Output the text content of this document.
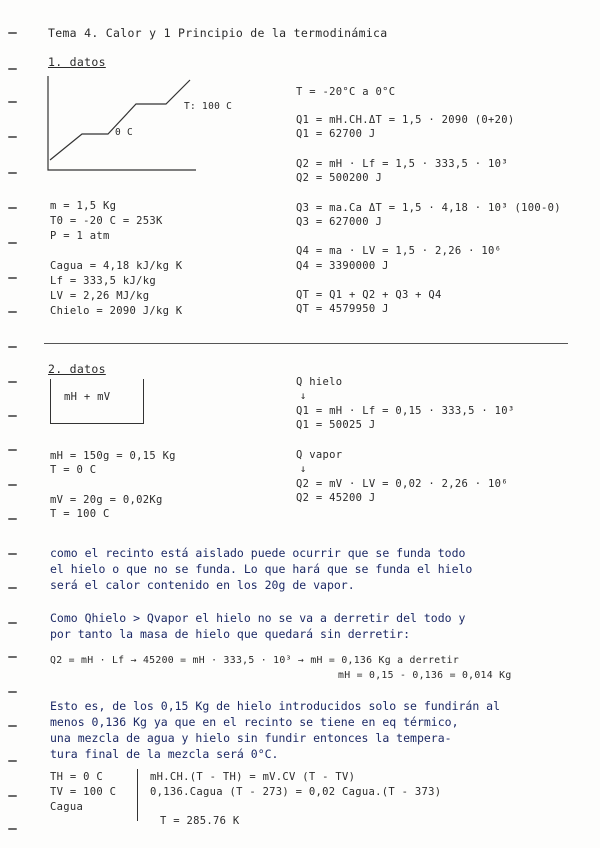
Tema 4. Calor y 1 Principio de la termodinámica
1. datos
T: 100 C
0 C
m = 1,5 Kg
T0 = -20 C = 253K
P = 1 atm
Cagua = 4,18 kJ/kg K
Lf = 333,5 kJ/kg
LV = 2,26 MJ/kg
Chielo = 2090 J/kg K
T = -20°C a 0°C
Q1 = mH.CH.ΔT = 1,5 · 2090 (0+20)
Q1 = 62700 J
Q2 = mH · Lf = 1,5 · 333,5 · 10³
Q2 = 500200 J
Q3 = ma.Ca ΔT = 1,5 · 4,18 · 10³ (100-0)
Q3 = 627000 J
Q4 = ma · LV = 1,5 · 2,26 · 10⁶
Q4 = 3390000 J
QT = Q1 + Q2 + Q3 + Q4
QT = 4579950 J
2. datos
mH + mV
mH = 150g = 0,15 Kg
T = 0 C
mV = 20g = 0,02Kg
T = 100 C
Q hielo
↓
Q1 = mH · Lf = 0,15 · 333,5 · 10³
Q1 = 50025 J
Q vapor
↓
Q2 = mV · LV = 0,02 · 2,26 · 10⁶
Q2 = 45200 J

como el recinto está aislado puede ocurrir que se funda todo
el hielo o que no se funda. Lo que hará que se funda el hielo
será el calor contenido en los 20g de vapor.

Como Qhielo > Qvapor el hielo no se va a derretir del todo y
por tanto la masa de hielo que quedará sin derretir:

Q2 = mH · Lf → 45200 = mH · 333,5 · 10³ → mH = 0,136 Kg a derretir
mH = 0,15 - 0,136 = 0,014 Kg

Esto es, de los 0,15 Kg de hielo introducidos solo se fundirán al
menos 0,136 Kg ya que en el recinto se tiene en eq térmico,
una mezcla de agua y hielo sin fundir entonces la tempera-
tura final de la mezcla será 0°C.

TH = 0 C
TV = 100 C
Cagua
mH.CH.(T - TH) = mV.CV (T - TV)
0,136.Cagua (T - 273) = 0,02 Cagua.(T - 373)
T = 285.76 K
